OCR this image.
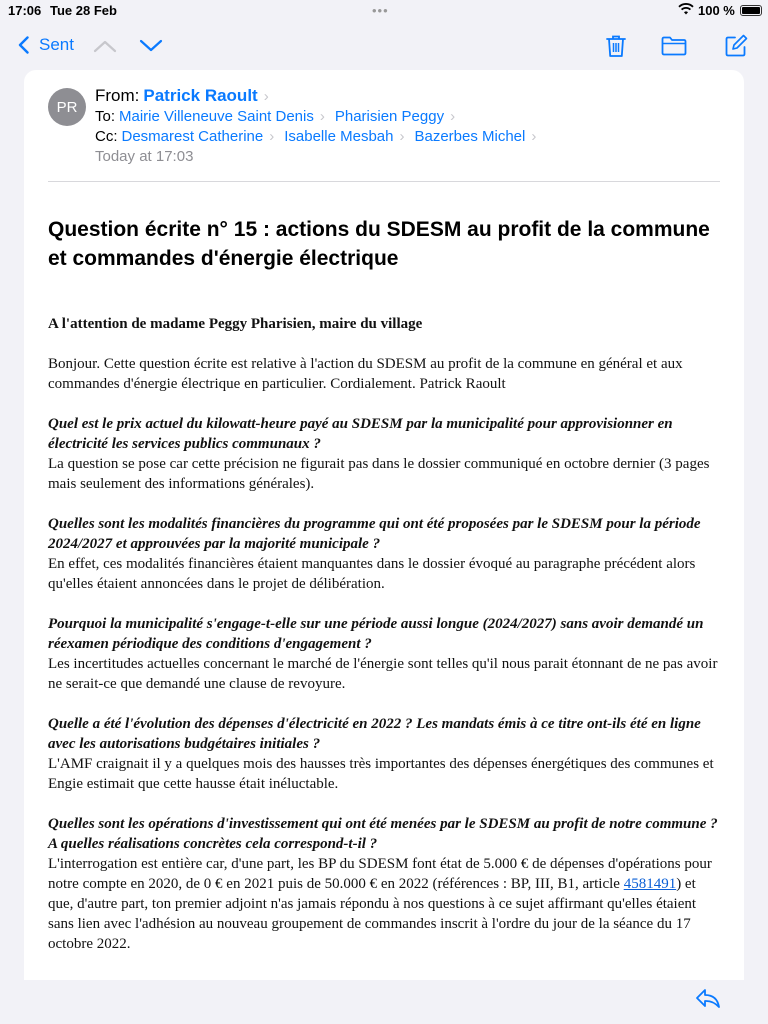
17:06 Tue 28 Feb	•••	100 %
Sent
PR
From: Patrick Raoult ›
To: Mairie Villeneuve Saint Denis › Pharisien Peggy ›
Cc: Desmarest Catherine › Isabelle Mesbah › Bazerbes Michel ›
Today at 17:03
Question écrite n° 15 : actions du SDESM au profit de la commune et commandes d'énergie électrique

A l'attention de madame Peggy Pharisien, maire du village

Bonjour. Cette question écrite est relative à l'action du SDESM au profit de la commune en général et aux commandes d'énergie électrique en particulier. Cordialement. Patrick Raoult

Quel est le prix actuel du kilowatt-heure payé au SDESM par la municipalité pour approvisionner en électricité les services publics communaux ?

La question se pose car cette précision ne figurait pas dans le dossier communiqué en octobre dernier (3 pages mais seulement des informations générales).

Quelles sont les modalités financières du programme qui ont été proposées par le SDESM pour la période 2024/2027 et approuvées par la majorité municipale ?

En effet, ces modalités financières étaient manquantes dans le dossier évoqué au paragraphe précédent alors qu'elles étaient annoncées dans le projet de délibération.

Pourquoi la municipalité s'engage-t-elle sur une période aussi longue (2024/2027) sans avoir demandé un réexamen périodique des conditions d'engagement ?

Les incertitudes actuelles concernant le marché de l'énergie sont telles qu'il nous parait étonnant de ne pas avoir ne serait-ce que demandé une clause de revoyure.

Quelle a été l'évolution des dépenses d'électricité en 2022 ? Les mandats émis à ce titre ont-ils été en ligne avec les autorisations budgétaires initiales ?

L'AMF craignait il y a quelques mois des hausses très importantes des dépenses énergétiques des communes et Engie estimait que cette hausse était inéluctable.

Quelles sont les opérations d'investissement qui ont été menées par le SDESM au profit de notre commune ? A quelles réalisations concrètes cela correspond-t-il ?

L'interrogation est entière car, d'une part, les BP du SDESM font état de 5.000 € de dépenses d'opérations pour notre compte en 2020, de 0 € en 2021 puis de 50.000 € en 2022 (références : BP, III, B1, article 4581491) et que, d'autre part, ton premier adjoint n'as jamais répondu à nos questions à ce sujet affirmant qu'elles étaient sans lien avec l'adhésion au nouveau groupement de commandes inscrit à l'ordre du jour de la séance du 17 octobre 2022.
